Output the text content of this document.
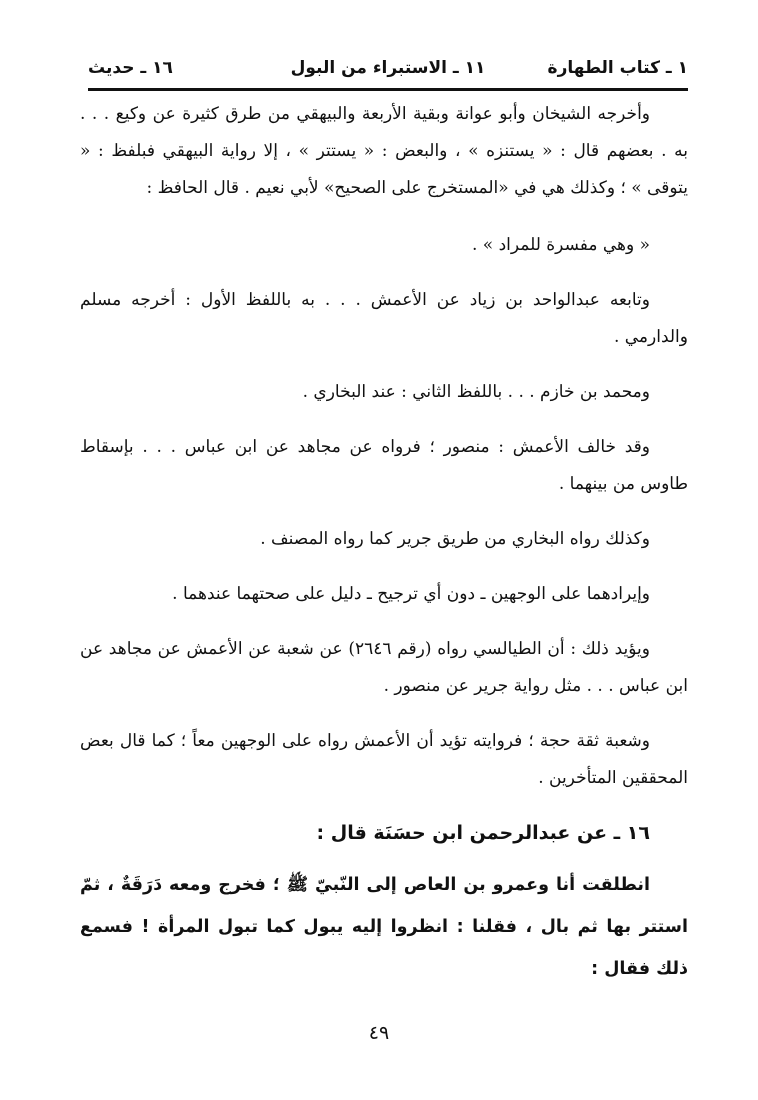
١ ـ كتاب الطهارة
١١ ـ الاستبراء من البول
١٦ ـ حديث

وأخرجه الشيخان وأبو عوانة وبقية الأربعة والبيهقي من طرق كثيرة عن وكيع . . . به . بعضهم قال : « يستنزه » ، والبعض : « يستتر » ، إلا رواية البيهقي فبلفظ : « يتوقى » ؛ وكذلك هي في «المستخرج على الصحيح» لأبي نعيم . قال الحافظ :

« وهي مفسرة للمراد » .

وتابعه عبدالواحد بن زياد عن الأعمش . . . به باللفظ الأول : أخرجه مسلم والدارمي .

ومحمد بن خازم . . . باللفظ الثاني : عند البخاري .

وقد خالف الأعمش : منصور ؛ فرواه عن مجاهد عن ابن عباس . . . بإسقاط طاوس من بينهما .

وكذلك رواه البخاري من طريق جرير كما رواه المصنف .

وإيرادهما على الوجهين ـ دون أي ترجيح ـ دليل على صحتهما عندهما .

ويؤيد ذلك : أن الطيالسي رواه (رقم ٢٦٤٦) عن شعبة عن الأعمش عن مجاهد عن ابن عباس . . . مثل رواية جرير عن منصور .

وشعبة ثقة حجة ؛ فروايته تؤيد أن الأعمش رواه على الوجهين معاً ؛ كما قال بعض المحققين المتأخرين .

١٦ ـ عن عبدالرحمن ابن حسَنَة قال :

انطلقت أنا وعمرو بن العاص إلى النّبيّ ﷺ ؛ فخرج ومعه دَرَقَةٌ ، ثمّ استتر بها ثم بال ، فقلنا : انظروا إليه يبول كما تبول المرأة ! فسمع ذلك فقال :

٤٩
